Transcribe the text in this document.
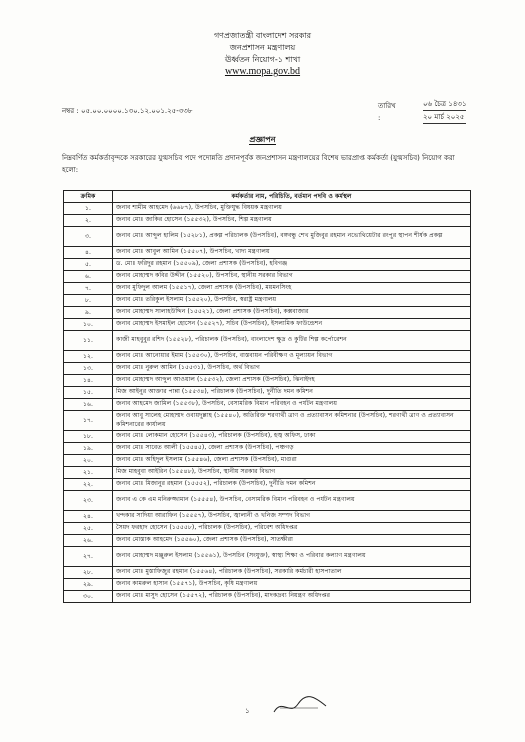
গণপ্রজাতন্ত্রী বাংলাদেশ সরকার
জনপ্রশাসন মন্ত্রণালয়
ঊর্ধ্বতন নিয়োগ-১ শাখা
www.mopa.gov.bd
নম্বর : ০৫.০০.০০০০.১৩০.১২.০০১.২৫-৩৩৮
তারিখ :
০৬ চৈত্র ১৪৩১
২০ মার্চ ২০২৫
প্রজ্ঞাপন
নিম্নবর্ণিত কর্মকর্তাবৃন্দকে সরকারের যুগ্মসচিব পদে পদোন্নতি প্রদানপূর্বক জনপ্রশাসন মন্ত্রণালয়ের বিশেষ ভারপ্রাপ্ত কর্মকর্তা (যুগ্মসচিব) নিয়োগ করা হলো:
ক্রমিক	কর্মকর্তার নাম, পরিচিতি, বর্তমান পদবি ও কর্মস্থল
১.	জনাব শামীম আহমেদ (৬৬৮৭), উপসচিব, মুক্তিযুদ্ধ বিষয়ক মন্ত্রণালয়
২.	জনাব মোঃ জাকির হোসেন (১৫৫৩২), উপসচিব, শিল্প মন্ত্রণালয়
৩.	জনাব মোঃ আব্দুল হালিম (১৫২৮১), প্রকল্প পরিচালক (উপসচিব), বঙ্গবন্ধু শেখ মুজিবুর রহমান নভোথিয়েটার রংপুর স্থাপন শীর্ষক প্রকল্প
৪.	জনাব মোঃ আবুল আমিন (১৫৫০৭), উপসচিব, খাদ্য মন্ত্রণালয়
৫.	ড. মোঃ ফরিদুর রহমান (১৫৫০৯), জেলা প্রশাসক (উপসচিব), হবিগঞ্জ
৬.	জনাব মোহাম্মদ কবির উদ্দীন (১৫৫২০), উপসচিব, স্থানীয় সরকার বিভাগ
৭.	জনাব মুফিদুল আলম (১৫৫১৭), জেলা প্রশাসক (উপসচিব), ময়মনসিংহ
৮.	জনাব মোঃ তরিকুল ইসলাম (১৫৫২০), উপসচিব, স্বরাষ্ট্র মন্ত্রণালয়
৯.	জনাব মোহাম্মদ সালাহউদ্দিন (১৫৫২১), জেলা প্রশাসক (উপসচিব), কক্সবাজার
১০.	জনাব মোহাম্মদ ইসমাইল হোসেন (১৫৫২৭), সচিব (উপসচিব), ইসলামিক ফাউন্ডেশন
১১.	কাজী মাহবুবুর রশিদ (১৫৫২৮), পরিচালক (উপসচিব), বাংলাদেশ ক্ষুদ্র ও কুটির শিল্প কর্পোরেশন
১২.	জনাব মোঃ আনোয়ার ইমাম (১৫৫৩০), উপসচিব, বাস্তবায়ন পরিবীক্ষণ ও মূল্যায়ন বিভাগ
১৩.	জনাব মোঃ নুরুল আমিন (১৫৫৩১), উপসচিব, অর্থ বিভাগ
১৪.	জনাব মোহাম্মদ আব্দুল আওয়াল (১৫৫৩২), জেলা প্রশাসক (উপসচিব), ঝিনাইদহ
১৫.	মিজ আইনুর আক্তার পান্না (১৫৫৩৪), পরিচালক (উপসচিব), দুর্নীতি দমন কমিশন
১৬.	জনাব আহমেদ জামিল (১৫৫৩৮), উপসচিব, বেসামরিক বিমান পরিবহন ও পর্যটন মন্ত্রণালয়
১৭.	জনাব আবু সালেহ মোহাম্মদ ওবায়দুল্লাহ (১৫৫৪০), অতিরিক্ত শরণার্থী ত্রাণ ও প্রত্যাবাসন কমিশনার (উপসচিব), শরণার্থী ত্রাণ ও প্রত্যাবাসন কমিশনারের কার্যালয়
১৮.	জনাব মোঃ লোকমান হোসেন (১৫৫৪৩), পরিচালক (উপসচিব), হজ্ব অফিস, ঢাকা
১৯.	জনাব মোঃ সাবেত আলী (১৫৫৪৫), জেলা প্রশাসক (উপসচিব), পঞ্চগড়
২০.	জনাব মোঃ অহিদুল ইসলাম (১৫৫৪৬), জেলা প্রশাসক (উপসচিব), মাগুরা
২১.	মিজ মাহবুবা আইরিন (১৫৫৪৮), উপসচিব, স্থানীয় সরকার বিভাগ
২২.	জনাব মোঃ মিজানুর রহমান (১৫৫৫২), পরিচালক (উপসচিব), দুর্নীতি দমন কমিশন
২৩.	জনাব এ কে এম মনিরুজ্জামান (১৫৫৫৪), উপসচিব, বেসামরিক বিমান পরিবহন ও পর্যটন মন্ত্রণালয়
২৪.	খন্দকার সাদিয়া আরাফিন (১৫৫৫৭), উপসচিব, জ্বালানী ও খনিজ সম্পদ বিভাগ
২৫.	সৈয়দ ফরহাদ হোসেন (১৫৫৫৮), পরিচালক (উপসচিব), পরিবেশ অধিদপ্তর
২৬.	জনাব মোস্তাক আহমেদ (১৫৫৬০), জেলা প্রশাসক (উপসচিব), সাতক্ষীরা
২৭.	জনাব মোহাম্মদ মঞ্জুরুল ইসলাম (১৫৫৬১), উপসচিব (সংযুক্ত), স্বাস্থ্য শিক্ষা ও পরিবার কল্যাণ মন্ত্রণালয়
২৮.	জনাব মোঃ মুস্তাফিজুর রহমান (১৫৫৬৪), পরিচালক (উপসচিব), সরকারি কর্মচারী হাসপাতাল
২৯.	জনাব কামরুল হাসান (১৫৫৭১), উপসচিব, কৃষি মন্ত্রণালয়
৩০.	জনাব মোঃ মাসুদ হোসেন (১৫৫৭২), পরিচালক (উপসচিব), মাদকদ্রব্য নিয়ন্ত্রণ অধিদপ্তর
১
